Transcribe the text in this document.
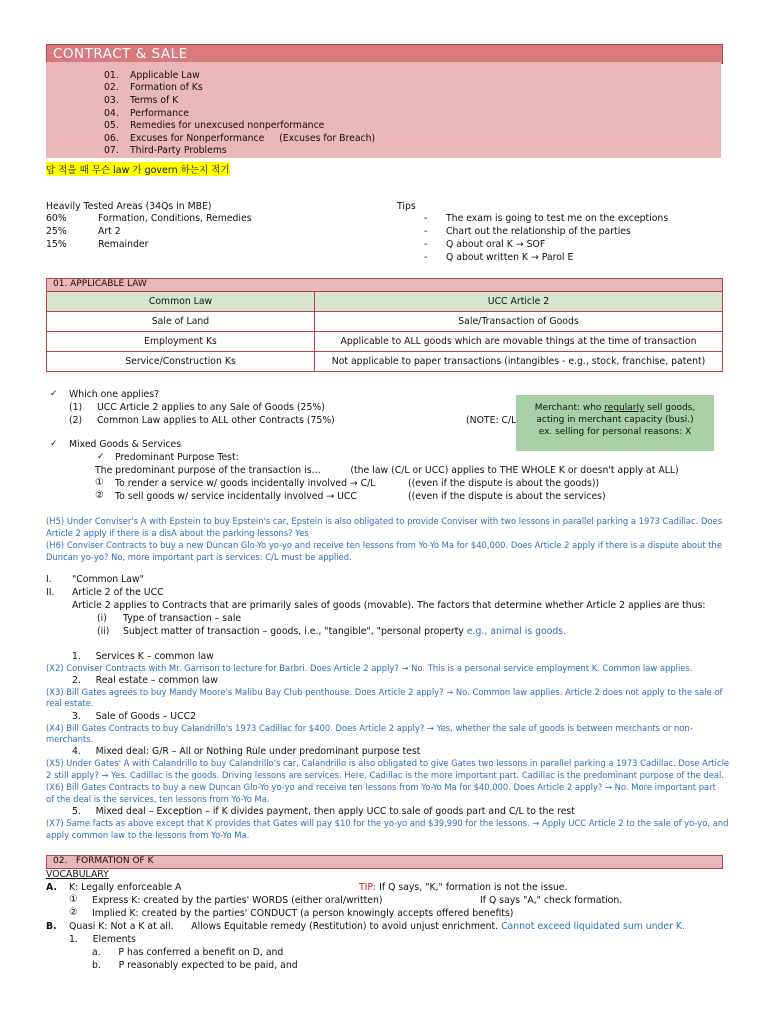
CONTRACT & SALE
01. Applicable Law
02. Formation of Ks
03. Terms of K
04. Performance
05. Remedies for unexcused nonperformance
06. Excuses for Nonperformance     (Excuses for Breach)
07. Third-Party Problems
답 적을 때 무슨 law 가 govern 하는지 적기
Heavily Tested Areas (34Qs in MBE)
60%	Formation, Conditions, Remedies
25%	Art 2
15%	Remainder
Tips
- The exam is going to test me on the exceptions
- Chart out the relationship of the parties
- Q about oral K → SOF
- Q about written K → Parol E
01. APPLICABLE LAW
Common Law	UCC Article 2
Sale of Land	Sale/Transaction of Goods
Employment Ks	Applicable to ALL goods which are movable things at the time of transaction
Service/Construction Ks	Not applicable to paper transactions (intangibles - e.g., stock, franchise, patent)
✓ Which one applies?
(1)     UCC Article 2 applies to any Sale of Goods (25%)
(2)     Common Law applies to ALL other Contracts (75%)	(NOTE: C/L
Merchant: who regularly sell goods,
acting in merchant capacity (busi.)
ex. selling for personal reasons: X
✓ Mixed Goods & Services
✓ Predominant Purpose Test:
The predominant purpose of the transaction is…          (the law (C/L or UCC) applies to THE WHOLE K or doesn't apply at ALL)
① To render a service w/ goods incidentally involved → C/L	((even if the dispute is about the goods))
② To sell goods w/ service incidentally involved → UCC	((even if the dispute is about the services)
(H5) Under Conviser's A with Epstein to buy Epstein's car, Epstein is also obligated to provide Conviser with two lessons in parallel parking a 1973 Cadillac. Does
Article 2 apply if there is a disA about the parking lessons? Yes
(H6) Conviser Contracts to buy a new Duncan Glo-Yo yo-yo and receive ten lessons from Yo-Yo Ma for $40,000. Does Article 2 apply if there is a dispute about the
Duncan yo-yo? No, more important part is services: C/L must be applied.
I. "Common Law"
II. Article 2 of the UCC
Article 2 applies to Contracts that are primarily sales of goods (movable). The factors that determine whether Article 2 applies are thus:
(i) Type of transaction – sale
(ii) Subject matter of transaction – goods, i.e., "tangible", "personal property e.g., animal is goods.
1.     Services K – common law
(X2) Conviser Contracts with Mr. Garrison to lecture for Barbri. Does Article 2 apply? → No. This is a personal service employment K. Common law applies.
2.     Real estate – common law
(X3) Bill Gates agrees to buy Mandy Moore's Malibu Bay Club penthouse. Does Article 2 apply? → No. Common law applies. Article 2 does not apply to the sale of
real estate.
3.     Sale of Goods – UCC2
(X4) Bill Gates Contracts to buy Calandrillo's 1973 Cadillac for $400. Does Article 2 apply? → Yes, whether the sale of goods is between merchants or non-
merchants.
4.     Mixed deal: G/R – All or Nothing Rule under predominant purpose test
(X5) Under Gates' A with Calandrillo to buy Calandrillo's car, Calandrillo is also obligated to give Gates two lessons in parallel parking a 1973 Cadillac. Dose Article
2 still apply? → Yes. Cadillac is the goods. Driving lessons are services. Here, Cadillac is the more important part. Cadillac is the predominant purpose of the deal.
(X6) Bill Gates Contracts to buy a new Duncan Glo-Yo yo-yo and receive ten lessons from Yo-Yo Ma for $40,000. Does Article 2 apply? → No. More important part
of the deal is the services, ten lessons from Yo-Yo Ma.
5.     Mixed deal – Exception – if K divides payment, then apply UCC to sale of goods part and C/L to the rest
(X7) Same facts as above except that K provides that Gates will pay $10 for the yo-yo and $39,990 for the lessons. → Apply UCC Article 2 to the sale of yo-yo, and
apply common law to the lessons from Yo-Yo Ma.
02.   FORMATION OF K
VOCABULARY
A. K: Legally enforceable A	TIP: If Q says, "K," formation is not the issue.
① Express K: created by the parties' WORDS (either oral/written)	If Q says "A," check formation.
② Implied K: created by the parties' CONDUCT (a person knowingly accepts offered benefits)
B. Quasi K: Not a K at all.      Allows Equitable remedy (Restitution) to avoid unjust enrichment. Cannot exceed liquidated sum under K.
1.     Elements
a.      P has conferred a benefit on D, and
b.      P reasonably expected to be paid, and
